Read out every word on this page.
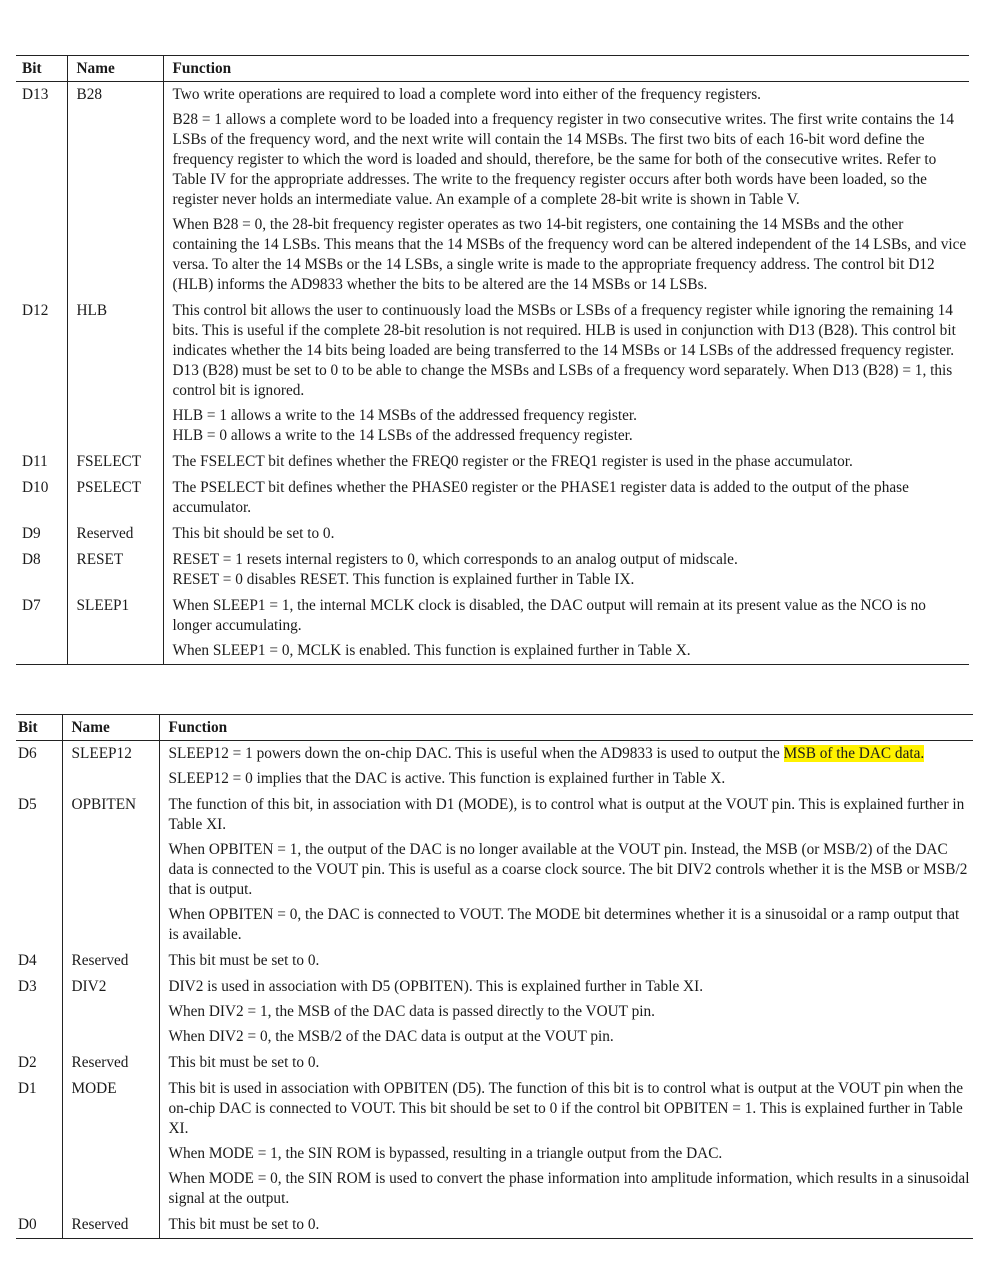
Bit	Name	Function
D13	B28	Two write operations are required to load a complete word into either of the frequency registers.
B28 = 1 allows a complete word to be loaded into a frequency register in two consecutive writes. The first write contains the 14 LSBs of the frequency word, and the next write will contain the 14 MSBs. The first two bits of each 16-bit word define the frequency register to which the word is loaded and should, therefore, be the same for both of the consecutive writes. Refer to Table IV for the appropriate addresses. The write to the frequency register occurs after both words have been loaded, so the register never holds an intermediate value. An example of a complete 28-bit write is shown in Table V.
When B28 = 0, the 28-bit frequency register operates as two 14-bit registers, one containing the 14 MSBs and the other containing the 14 LSBs. This means that the 14 MSBs of the frequency word can be altered independent of the 14 LSBs, and vice versa. To alter the 14 MSBs or the 14 LSBs, a single write is made to the appropriate frequency address. The control bit D12 (HLB) informs the AD9833 whether the bits to be altered are the 14 MSBs or 14 LSBs.

D12	HLB	This control bit allows the user to continuously load the MSBs or LSBs of a frequency register while ignoring the remaining 14 bits. This is useful if the complete 28-bit resolution is not required. HLB is used in conjunction with D13 (B28). This control bit indicates whether the 14 bits being loaded are being transferred to the 14 MSBs or 14 LSBs of the addressed frequency register. D13 (B28) must be set to 0 to be able to change the MSBs and LSBs of a frequency word separately. When D13 (B28) = 1, this control bit is ignored.
HLB = 1 allows a write to the 14 MSBs of the addressed frequency register.
HLB = 0 allows a write to the 14 LSBs of the addressed frequency register.

D11	FSELECT	The FSELECT bit defines whether the FREQ0 register or the FREQ1 register is used in the phase accumulator.

D10	PSELECT	The PSELECT bit defines whether the PHASE0 register or the PHASE1 register data is added to the output of the phase accumulator.

D9	Reserved	This bit should be set to 0.

D8	RESET	RESET = 1 resets internal registers to 0, which corresponds to an analog output of midscale.
RESET = 0 disables RESET. This function is explained further in Table IX.

D7	SLEEP1	When SLEEP1 = 1, the internal MCLK clock is disabled, the DAC output will remain at its present value as the NCO is no longer accumulating.
When SLEEP1 = 0, MCLK is enabled. This function is explained further in Table X.
Bit	Name	Function
D6	SLEEP12	SLEEP12 = 1 powers down the on-chip DAC. This is useful when the AD9833 is used to output the MSB of the DAC data.
SLEEP12 = 0 implies that the DAC is active. This function is explained further in Table X.

D5	OPBITEN	The function of this bit, in association with D1 (MODE), is to control what is output at the VOUT pin. This is explained further in Table XI.
When OPBITEN = 1, the output of the DAC is no longer available at the VOUT pin. Instead, the MSB (or MSB/2) of the DAC data is connected to the VOUT pin. This is useful as a coarse clock source. The bit DIV2 controls whether it is the MSB or MSB/2 that is output.
When OPBITEN = 0, the DAC is connected to VOUT. The MODE bit determines whether it is a sinusoidal or a ramp output that is available.

D4	Reserved	This bit must be set to 0.

D3	DIV2	DIV2 is used in association with D5 (OPBITEN). This is explained further in Table XI.
When DIV2 = 1, the MSB of the DAC data is passed directly to the VOUT pin.
When DIV2 = 0, the MSB/2 of the DAC data is output at the VOUT pin.

D2	Reserved	This bit must be set to 0.

D1	MODE	This bit is used in association with OPBITEN (D5). The function of this bit is to control what is output at the VOUT pin when the on-chip DAC is connected to VOUT. This bit should be set to 0 if the control bit OPBITEN = 1. This is explained further in Table XI.
When MODE = 1, the SIN ROM is bypassed, resulting in a triangle output from the DAC.
When MODE = 0, the SIN ROM is used to convert the phase information into amplitude information, which results in a sinusoidal signal at the output.

D0	Reserved	This bit must be set to 0.
